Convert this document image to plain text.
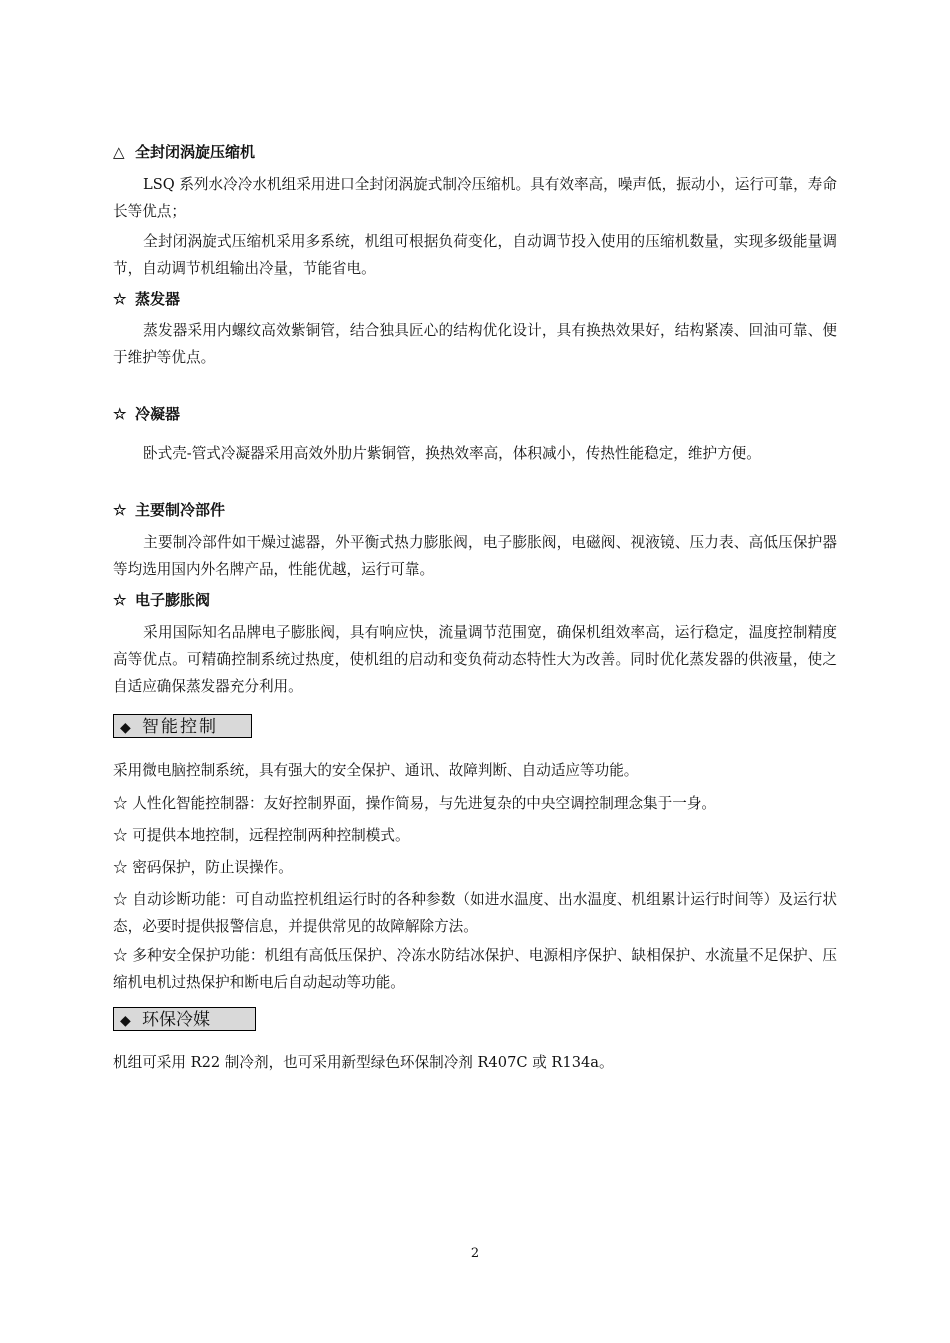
△ 全封闭涡旋压缩机
LSQ 系列水冷冷水机组采用进口全封闭涡旋式制冷压缩机。具有效率高，噪声低，振动小，运行可靠，寿命长等优点；
全封闭涡旋式压缩机采用多系统，机组可根据负荷变化，自动调节投入使用的压缩机数量，实现多级能量调节，自动调节机组输出冷量，节能省电。
☆ 蒸发器
蒸发器采用内螺纹高效紫铜管，结合独具匠心的结构优化设计，具有换热效果好，结构紧凑、回油可靠、便于维护等优点。
☆ 冷凝器
卧式壳-管式冷凝器采用高效外肋片紫铜管，换热效率高，体积减小，传热性能稳定，维护方便。
☆ 主要制冷部件
主要制冷部件如干燥过滤器，外平衡式热力膨胀阀，电子膨胀阀，电磁阀、视液镜、压力表、高低压保护器等均选用国内外名牌产品，性能优越，运行可靠。
☆ 电子膨胀阀
采用国际知名品牌电子膨胀阀，具有响应快，流量调节范围宽，确保机组效率高，运行稳定，温度控制精度高等优点。可精确控制系统过热度，使机组的启动和变负荷动态特性大为改善。同时优化蒸发器的供液量，使之自适应确保蒸发器充分利用。
◆ 智能控制
采用微电脑控制系统，具有强大的安全保护、通讯、故障判断、自动适应等功能。
☆ 人性化智能控制器：友好控制界面，操作简易，与先进复杂的中央空调控制理念集于一身。
☆ 可提供本地控制，远程控制两种控制模式。
☆ 密码保护，防止误操作。
☆ 自动诊断功能：可自动监控机组运行时的各种参数（如进水温度、出水温度、机组累计运行时间等）及运行状态，必要时提供报警信息，并提供常见的故障解除方法。
☆ 多种安全保护功能：机组有高低压保护、冷冻水防结冰保护、电源相序保护、缺相保护、水流量不足保护、压缩机电机过热保护和断电后自动起动等功能。
◆ 环保冷媒
机组可采用 R22 制冷剂，也可采用新型绿色环保制冷剂 R407C 或 R134a。
2
